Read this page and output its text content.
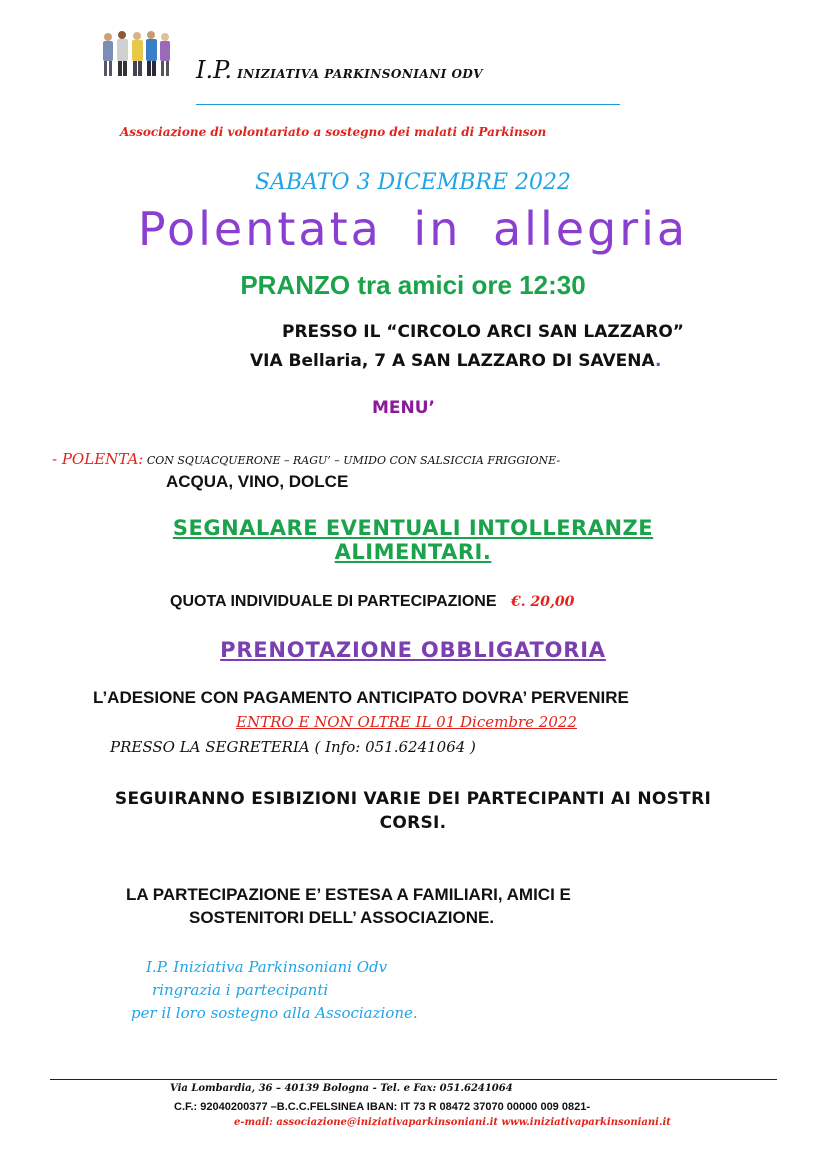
I.P. INIZIATIVA PARKINSONIANI ODV
Associazione di volontariato a sostegno dei malati di Parkinson
SABATO 3 DICEMBRE 2022
Polentata in allegria
PRANZO tra amici ore 12:30
PRESSO IL “CIRCOLO ARCI SAN LAZZARO”
VIA Bellaria, 7 A SAN LAZZARO DI SAVENA.
MENU’
- POLENTA: CON SQUACQUERONE – RAGU’ – UMIDO CON SALSICCIA FRIGGIONE-
ACQUA, VINO, DOLCE
SEGNALARE EVENTUALI INTOLLERANZE
ALIMENTARI.
QUOTA INDIVIDUALE DI PARTECIPAZIONE €. 20,00
PRENOTAZIONE OBBLIGATORIA
L’ADESIONE CON PAGAMENTO ANTICIPATO DOVRA’ PERVENIRE
ENTRO E NON OLTRE IL 01 Dicembre 2022
PRESSO LA SEGRETERIA ( Info: 051.6241064 )
SEGUIRANNO ESIBIZIONI VARIE DEI PARTECIPANTI AI NOSTRI
CORSI.
LA PARTECIPAZIONE E’ ESTESA A FAMILIARI, AMICI E
SOSTENITORI DELL’ ASSOCIAZIONE.
I.P. Iniziativa Parkinsoniani Odv
ringrazia i partecipanti
per il loro sostegno alla Associazione.
Via Lombardia, 36 – 40139 Bologna - Tel. e Fax: 051.6241064
C.F.: 92040200377 –B.C.C.FELSINEA IBAN: IT 73 R 08472 37070 00000 009 0821-
e-mail: associazione@iniziativaparkinsoniani.it www.iniziativaparkinsoniani.it
